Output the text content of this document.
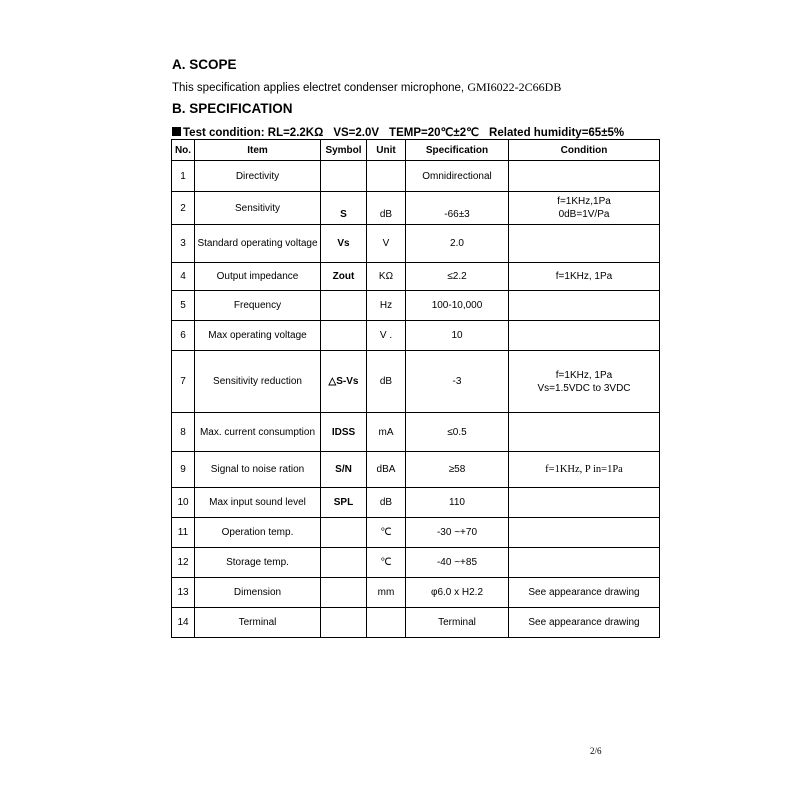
A. SCOPE
This specification applies electret condenser microphone, GMI6022-2C66DB
B. SPECIFICATION
Test condition: RL=2.2KΩ VS=2.0V TEMP=20℃±2℃ Related humidity=65±5%
No.	Item	Symbol	Unit	Specification	Condition
1	Directivity			Omnidirectional	
2	Sensitivity	S	dB	-66±3	f=1KHz,1Pa
0dB=1V/Pa

3	Standard operating voltage	Vs	V	2.0	
4	Output impedance	Zout	KΩ	≤2.2	f=1KHz, 1Pa
5	Frequency		Hz	100-10,000	
6	Max operating voltage		V .	10	
7	Sensitivity reduction	△S-Vs	dB	-3	f=1KHz, 1Pa
Vs=1.5VDC to 3VDC

8	Max. current consumption	IDSS	mA	≤0.5	
9	Signal to noise ration	S/N	dBA	≥58	f=1KHz, P in=1Pa
10	Max input sound level	SPL	dB	110	
11	Operation temp.		℃	-30 ~+70	
12	Storage temp.		℃	-40 ~+85	
13	Dimension		mm	φ6.0 x H2.2	See appearance drawing
14	Terminal			Terminal	See appearance drawing
2/6
